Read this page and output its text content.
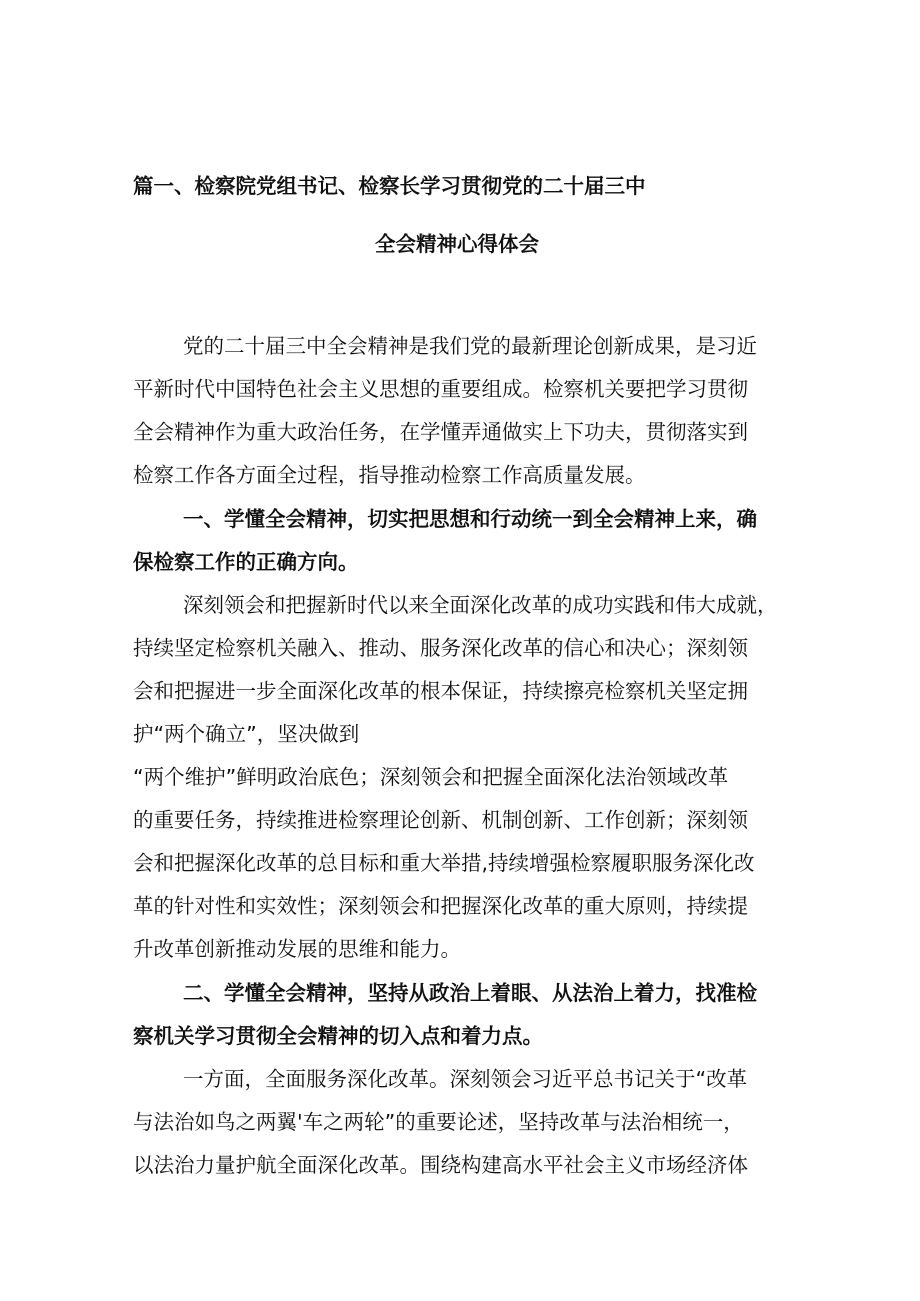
篇一、检察院党组书记、检察长学习贯彻党的二十届三中
全会精神心得体会
党的二十届三中全会精神是我们党的最新理论创新成果，是习近
平新时代中国特色社会主义思想的重要组成。检察机关要把学习贯彻
全会精神作为重大政治任务，在学懂弄通做实上下功夫，贯彻落实到
检察工作各方面全过程，指导推动检察工作高质量发展。
一、学懂全会精神，切实把思想和行动统一到全会精神上来，确
保检察工作的正确方向。
深刻领会和把握新时代以来全面深化改革的成功实践和伟大成就，
持续坚定检察机关融入、推动、服务深化改革的信心和决心；深刻领
会和把握进一步全面深化改革的根本保证，持续擦亮检察机关坚定拥
护“两个确立”，坚决做到
“两个维护”鲜明政治底色；深刻领会和把握全面深化法治领域改革
的重要任务，持续推进检察理论创新、机制创新、工作创新；深刻领
会和把握深化改革的总目标和重大举措,持续增强检察履职服务深化改
革的针对性和实效性；深刻领会和把握深化改革的重大原则，持续提
升改革创新推动发展的思维和能力。
二、学懂全会精神，坚持从政治上着眼、从法治上着力，找准检
察机关学习贯彻全会精神的切入点和着力点。
一方面，全面服务深化改革。深刻领会习近平总书记关于“改革
与法治如鸟之两翼'车之两轮”的重要论述，坚持改革与法治相统一，
以法治力量护航全面深化改革。围绕构建高水平社会主义市场经济体
